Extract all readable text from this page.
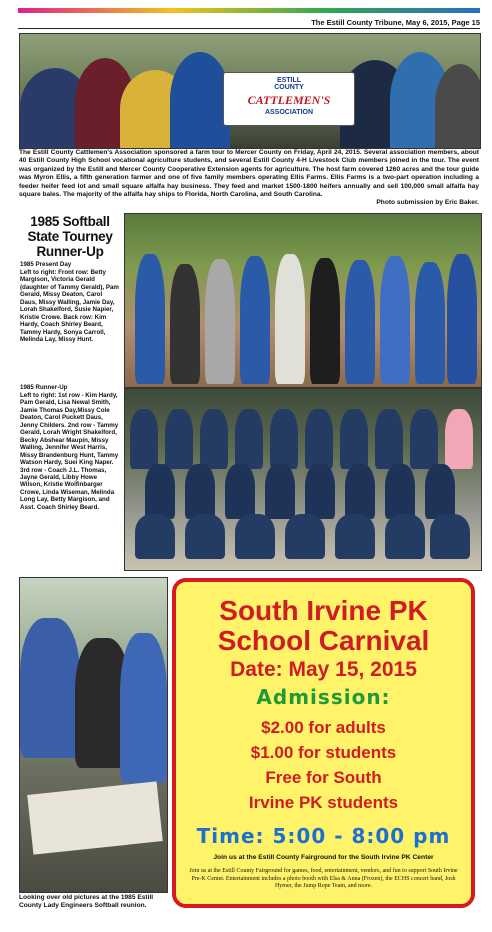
The Estill County Tribune, May 6, 2015, Page 15
ESTILL
COUNTY
CATTLEMEN'S
ASSOCIATION
The Estill County Cattlemen's Association sponsored a farm tour to Mercer County on Friday, April 24, 2015. Several association members, about 40 Estill County High School vocational agriculture students, and several Estill County 4-H Livestock Club members joined in the tour. The event was organized by the Estill and Mercer County Cooperative Extension agents for agriculture. The host farm covered 1260 acres and the tour guide was Myron Ellis, a fifth generation farmer and one of five family members operating Ellis Farms. Ellis Farms is a two-part operation including a feeder heifer feed lot and small square alfalfa hay business. They feed and market 1500-1800 heifers annually and sell 100,000 small alfalfa hay square bales. The majority of the alfalfa hay ships to Florida, North Carolina, and South Carolina.
Photo submission by Eric Baker.
1985 Softball State Tourney Runner-Up
1985 Present Day
Left to right: Front row: Betty Margison, Victoria Gerald (daughter of Tammy Gerald), Pam Gerald, Missy Deaton, Carol Daus, Missy Walling, Jamie Day, Lorah Shakelford, Susie Napier, Kristie Crowe. Back row: Kim Hardy, Coach Shirley Beard, Tammy Hardy, Sonya Carroll, Melinda Lay, Missy Hunt.
1985 Runner-Up
Left to right: 1st row - Kim Hardy, Pam Gerald, Lisa Newal Smith, Jamie Thomas Day,Missy Cole Deaton, Carol Puckett Daus, Jenny Childers. 2nd row - Tammy Gerald, Lorah Wright Shakelford, Becky Abshear Maupin, Missy Walling, Jennifer West Harris, Missy Brandenburg Hunt, Tammy Watson Hardy, Suei King Naper. 3rd row - Coach J.L. Thomas, Jayne Gerald, Libby Howe Wilson, Kristie Wolfinbarger Crowe, Linda Wiseman, Melinda Long Lay, Betty Margison, and Asst. Coach Shirley Beard.
Looking over old pictures at the 1985 Estill County Lady Engineers Softball reunion.
South Irvine PK
School Carnival
Date: May 15, 2015
Admission:
$2.00 for adults
$1.00 for students
Free for South
Irvine PK students
Time: 5:00 - 8:00 pm
Join us at the Estill County Fairground for the South Irvine PK Center
Join us at the Estill County Fairground for games, food, entertainment, vendors, and fun to support South Irvine Pre-K Center. Entertainment includes a photo booth with Elsa & Anna (Frozen), the ECHS concert band, Josh Hymer, the Jump Rope Team, and more.
